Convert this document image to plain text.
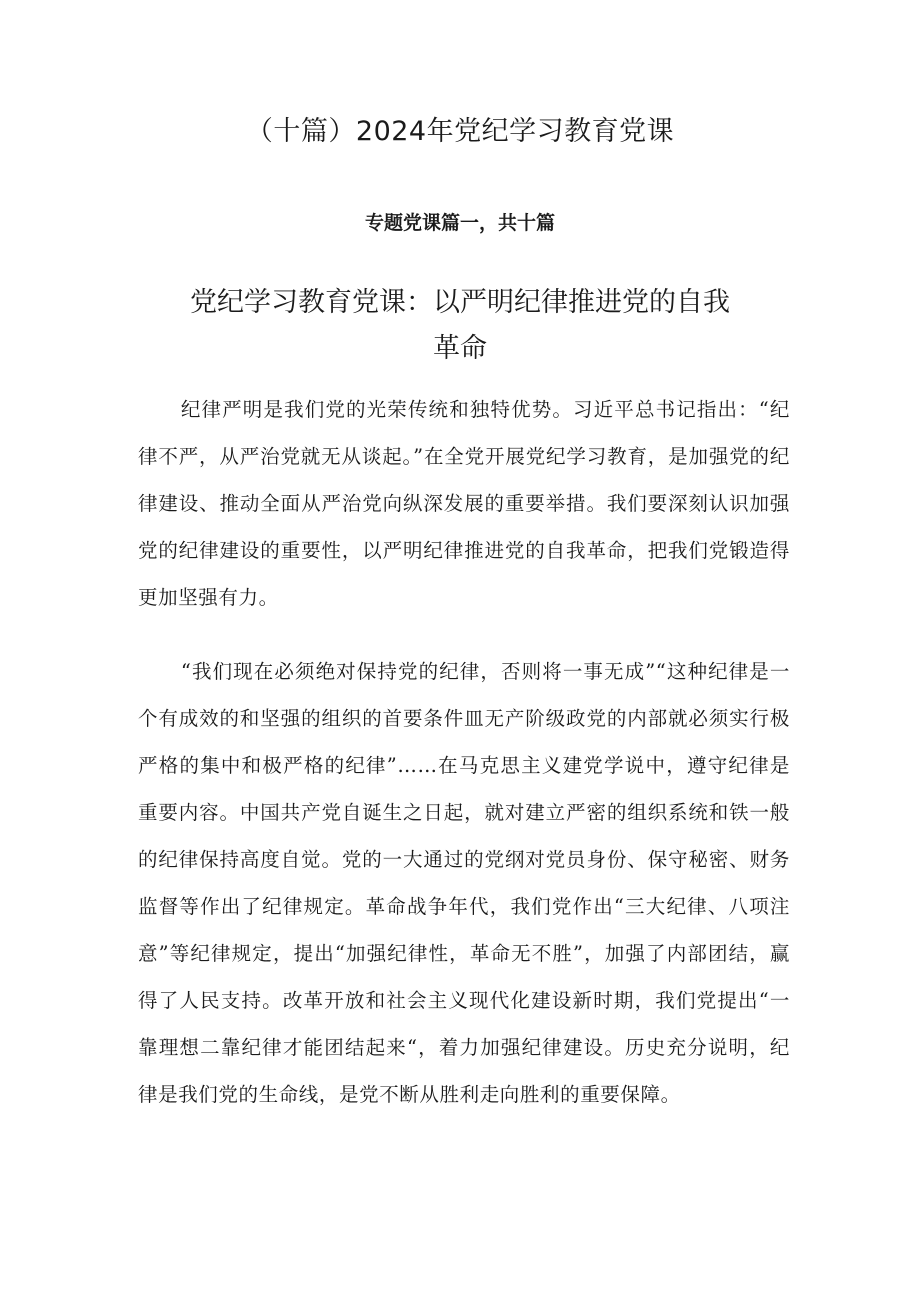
（十篇）2024年党纪学习教育党课
专题党课篇一，共十篇
党纪学习教育党课：以严明纪律推进党的自我革命

纪律严明是我们党的光荣传统和独特优势。习近平总书记指出：“纪律不严，从严治党就无从谈起。”在全党开展党纪学习教育，是加强党的纪律建设、推动全面从严治党向纵深发展的重要举措。我们要深刻认识加强党的纪律建设的重要性，以严明纪律推进党的自我革命，把我们党锻造得更加坚强有力。

“我们现在必须绝对保持党的纪律，否则将一事无成”“这种纪律是一个有成效的和坚强的组织的首要条件皿无产阶级政党的内部就必须实行极严格的集中和极严格的纪律”……在马克思主义建党学说中，遵守纪律是重要内容。中国共产党自诞生之日起，就对建立严密的组织系统和铁一般的纪律保持高度自觉。党的一大通过的党纲对党员身份、保守秘密、财务监督等作出了纪律规定。革命战争年代，我们党作出“三大纪律、八项注意”等纪律规定，提出“加强纪律性，革命无不胜”，加强了内部团结，赢得了人民支持。改革开放和社会主义现代化建设新时期，我们党提出“一靠理想二靠纪律才能团结起来“，着力加强纪律建设。历史充分说明，纪律是我们党的生命线，是党不断从胜利走向胜利的重要保障。
